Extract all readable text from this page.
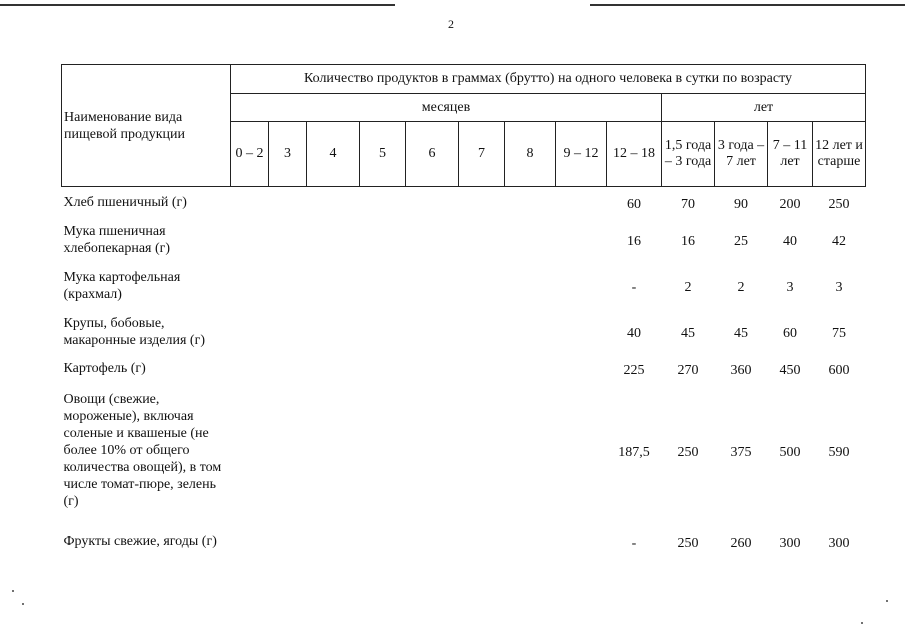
2
Наименование вида пищевой продукции	Количество продуктов в граммах (брутто) на одного человека в сутки по возрасту												
	месяцев									лет			
	0 – 2	3	4	5	6	7	8	9 – 12	12 – 18	1,5 года – 3 года	3 года – 7 лет	7 – 11 лет	12 лет и старше
Хлеб пшеничный (г)									60	70	90	200	250
Мука пшеничная хлебопекарная (г)									16	16	25	40	42
Мука картофельная (крахмал)									-	2	2	3	3
Крупы, бобовые, макаронные изделия (г)									40	45	45	60	75
Картофель (г)									225	270	360	450	600
Овощи (свежие, мороженые), включая соленые и квашеные (не более 10% от общего количества овощей), в том числе томат-пюре, зелень (г)									187,5	250	375	500	590
Фрукты свежие, ягоды (г)									-	250	260	300	300
